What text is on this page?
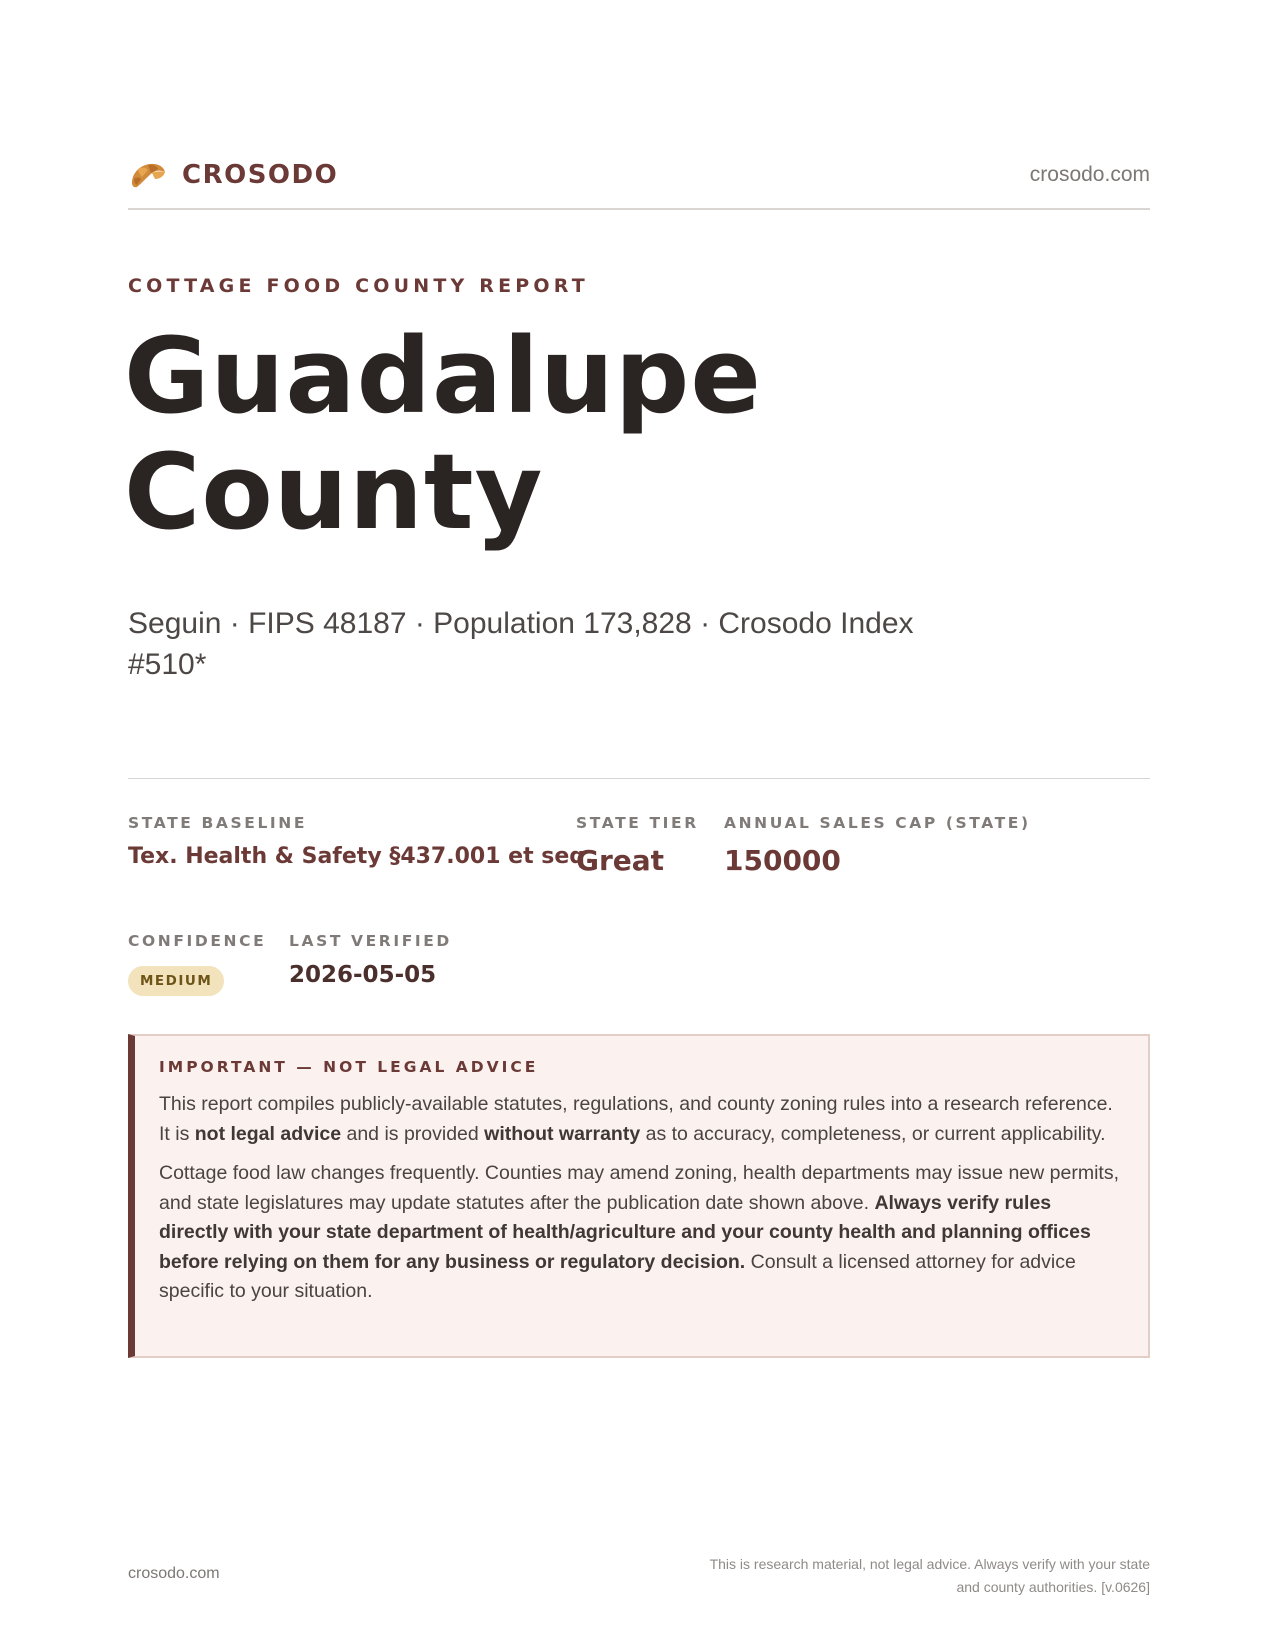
CROSODO	crosodo.com
COTTAGE FOOD COUNTY REPORT
Guadalupe
County
Seguin · FIPS 48187 · Population 173,828 · Crosodo Index #510*
STATE BASELINE
Tex. Health & Safety §437.001 et seq.
STATE TIER
Great
ANNUAL SALES CAP (STATE)
150000
CONFIDENCE
MEDIUM
LAST VERIFIED
2026-05-05
IMPORTANT — NOT LEGAL ADVICE

This report compiles publicly-available statutes, regulations, and county zoning rules into a research reference. It is not legal advice and is provided without warranty as to accuracy, completeness, or current applicability.

Cottage food law changes frequently. Counties may amend zoning, health departments may issue new permits, and state legislatures may update statutes after the publication date shown above. Always verify rules directly with your state department of health/agriculture and your county health and planning offices before relying on them for any business or regulatory decision. Consult a licensed attorney for advice specific to your situation.

crosodo.com
This is research material, not legal advice. Always verify with your state
and county authorities. [v.0626]
